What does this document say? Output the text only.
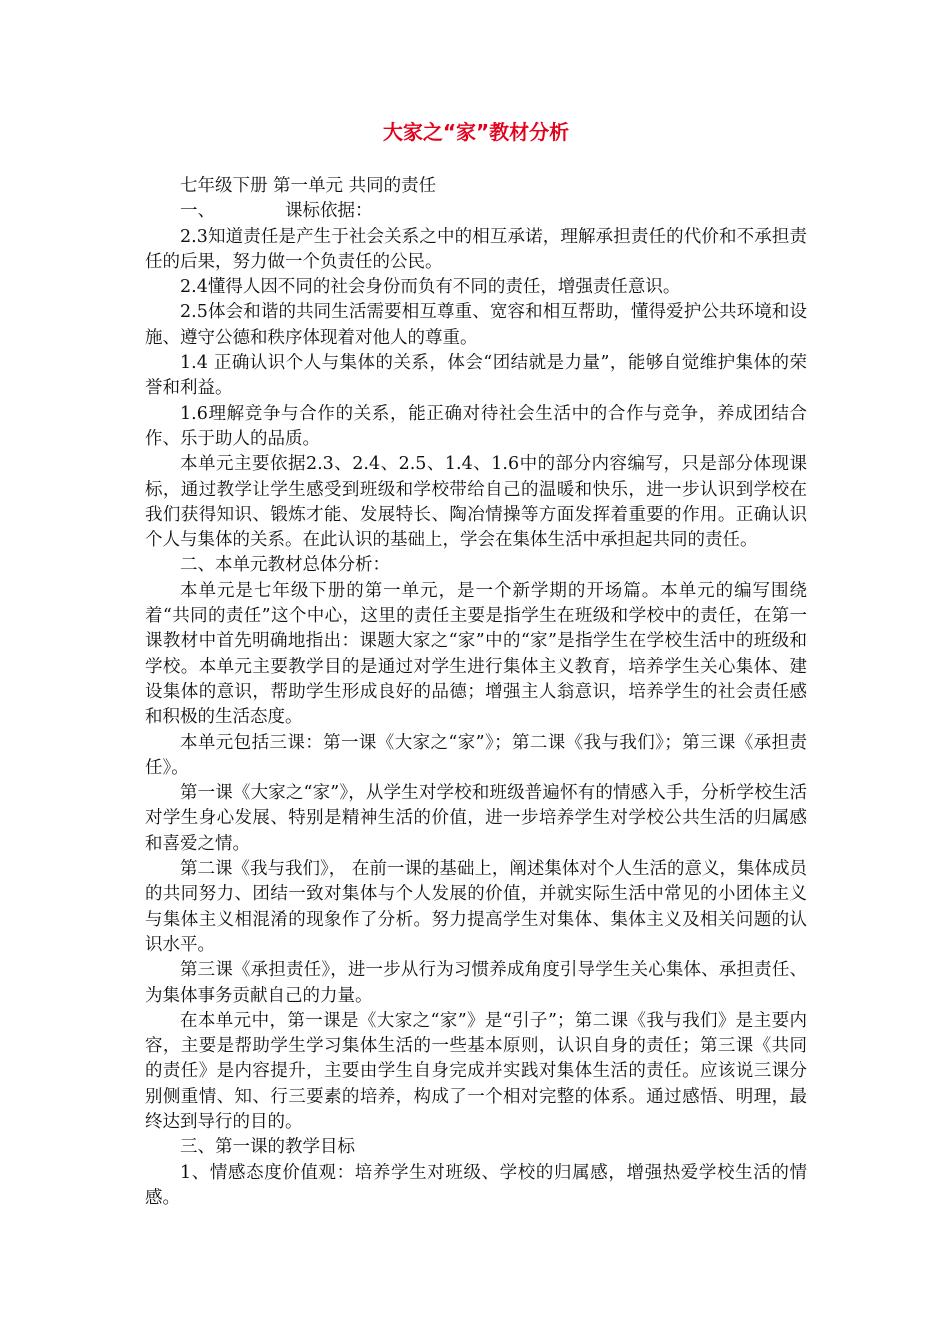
大家之“家”教材分析

七年级下册 第一单元 共同的责任

一、	课标依据：

2.3知道责任是产生于社会关系之中的相互承诺，理解承担责任的代价和不承担责任的后果，努力做一个负责任的公民。

2.4懂得人因不同的社会身份而负有不同的责任，增强责任意识。

2.5体会和谐的共同生活需要相互尊重、宽容和相互帮助，懂得爱护公共环境和设施、遵守公德和秩序体现着对他人的尊重。

1.4 正确认识个人与集体的关系，体会“团结就是力量”，能够自觉维护集体的荣誉和利益。

1.6理解竞争与合作的关系，能正确对待社会生活中的合作与竞争，养成团结合作、乐于助人的品质。

本单元主要依据2.3、2.4、2.5、1.4、1.6中的部分内容编写，只是部分体现课标，通过教学让学生感受到班级和学校带给自己的温暖和快乐，进一步认识到学校在我们获得知识、锻炼才能、发展特长、陶冶情操等方面发挥着重要的作用。正确认识个人与集体的关系。在此认识的基础上，学会在集体生活中承担起共同的责任。

二、本单元教材总体分析：

本单元是七年级下册的第一单元，是一个新学期的开场篇。本单元的编写围绕着“共同的责任”这个中心，这里的责任主要是指学生在班级和学校中的责任，在第一课教材中首先明确地指出：课题大家之“家”中的“家”是指学生在学校生活中的班级和学校。本单元主要教学目的是通过对学生进行集体主义教育，培养学生关心集体、建设集体的意识，帮助学生形成良好的品德；增强主人翁意识，培养学生的社会责任感和积极的生活态度。

本单元包括三课：第一课《大家之“家”》；第二课《我与我们》；第三课《承担责任》。

第一课《大家之“家”》，从学生对学校和班级普遍怀有的情感入手，分析学校生活对学生身心发展、特别是精神生活的价值，进一步培养学生对学校公共生活的归属感和喜爱之情。

第二课《我与我们》， 在前一课的基础上，阐述集体对个人生活的意义，集体成员的共同努力、团结一致对集体与个人发展的价值，并就实际生活中常见的小团体主义与集体主义相混淆的现象作了分析。努力提高学生对集体、集体主义及相关问题的认识水平。

第三课《承担责任》，进一步从行为习惯养成角度引导学生关心集体、承担责任、为集体事务贡献自己的力量。

在本单元中，第一课是《大家之“家”》是“引子”；第二课《我与我们》是主要内容，主要是帮助学生学习集体生活的一些基本原则，认识自身的责任；第三课《共同的责任》是内容提升，主要由学生自身完成并实践对集体生活的责任。应该说三课分别侧重情、知、行三要素的培养，构成了一个相对完整的体系。通过感悟、明理，最终达到导行的目的。

三、第一课的教学目标

1、情感态度价值观：培养学生对班级、学校的归属感，增强热爱学校生活的情感。
